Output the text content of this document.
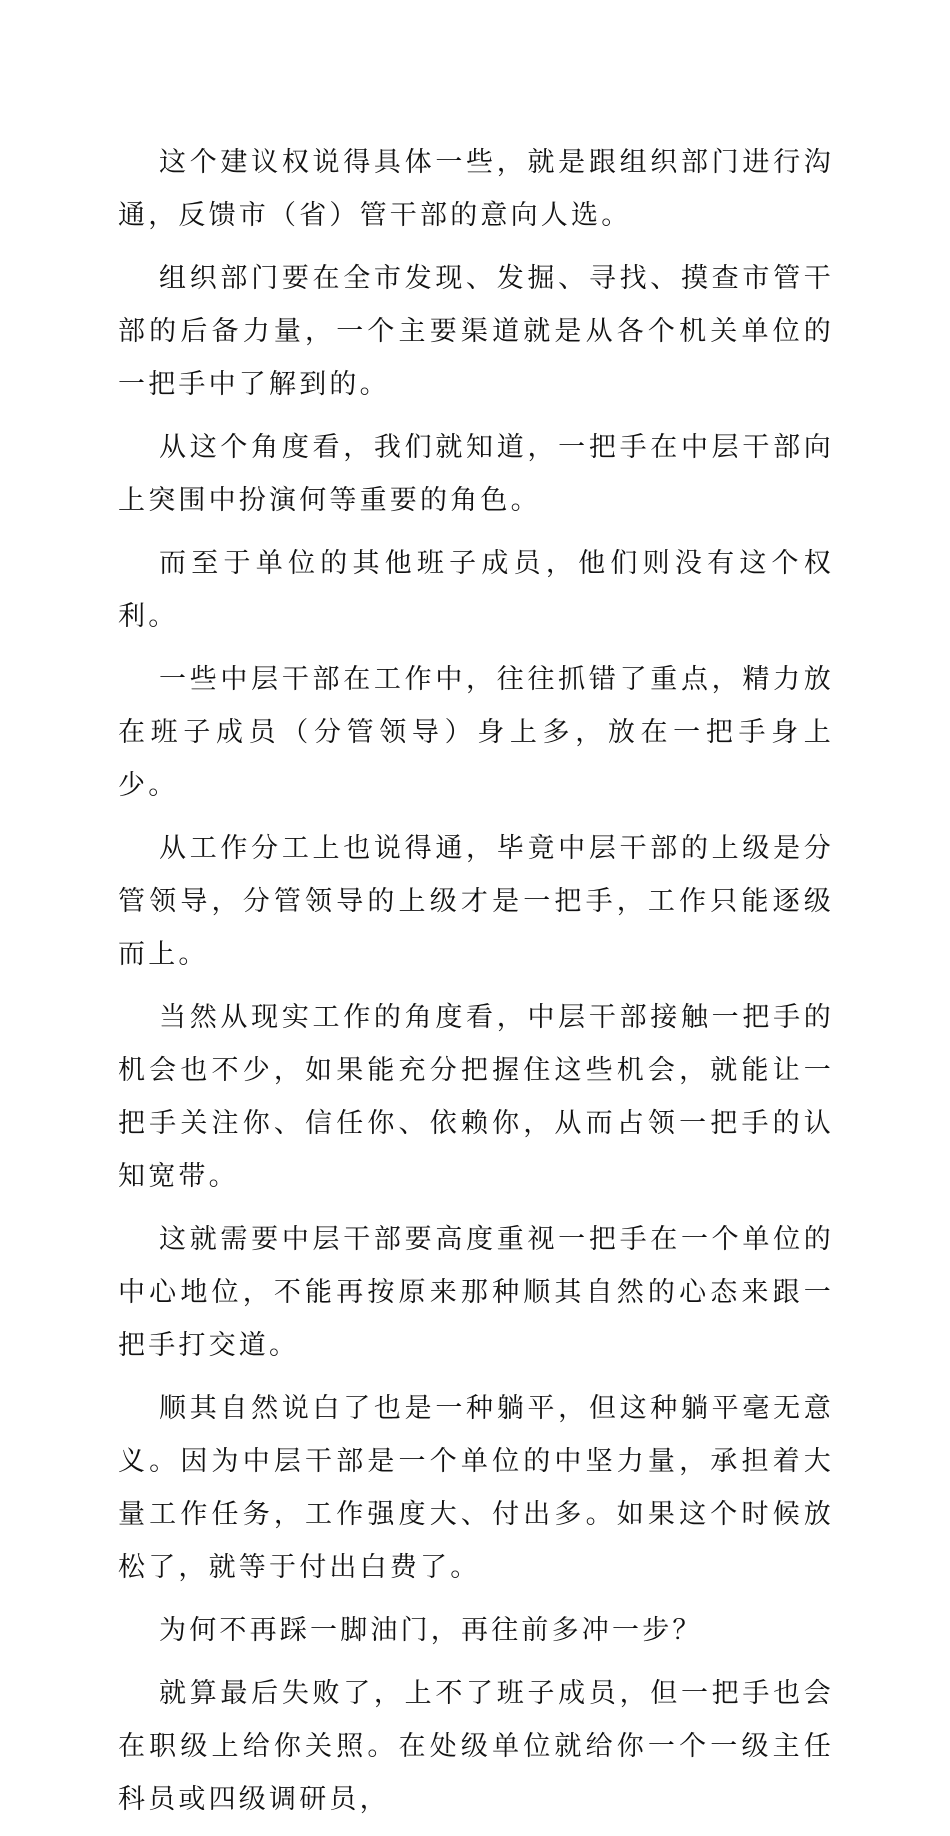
这个建议权说得具体一些，就是跟组织部门进行沟通，反馈市（省）管干部的意向人选。

组织部门要在全市发现、发掘、寻找、摸查市管干部的后备力量，一个主要渠道就是从各个机关单位的一把手中了解到的。

从这个角度看，我们就知道，一把手在中层干部向上突围中扮演何等重要的角色。

而至于单位的其他班子成员，他们则没有这个权利。

一些中层干部在工作中，往往抓错了重点，精力放在班子成员（分管领导）身上多，放在一把手身上少。

从工作分工上也说得通，毕竟中层干部的上级是分管领导，分管领导的上级才是一把手，工作只能逐级而上。

当然从现实工作的角度看，中层干部接触一把手的机会也不少，如果能充分把握住这些机会，就能让一把手关注你、信任你、依赖你，从而占领一把手的认知宽带。

这就需要中层干部要高度重视一把手在一个单位的中心地位，不能再按原来那种顺其自然的心态来跟一把手打交道。

顺其自然说白了也是一种躺平，但这种躺平毫无意义。因为中层干部是一个单位的中坚力量，承担着大量工作任务，工作强度大、付出多。如果这个时候放松了，就等于付出白费了。

为何不再踩一脚油门，再往前多冲一步？

就算最后失败了，上不了班子成员，但一把手也会在职级上给你关照。在处级单位就给你一个一级主任科员或四级调研员，
